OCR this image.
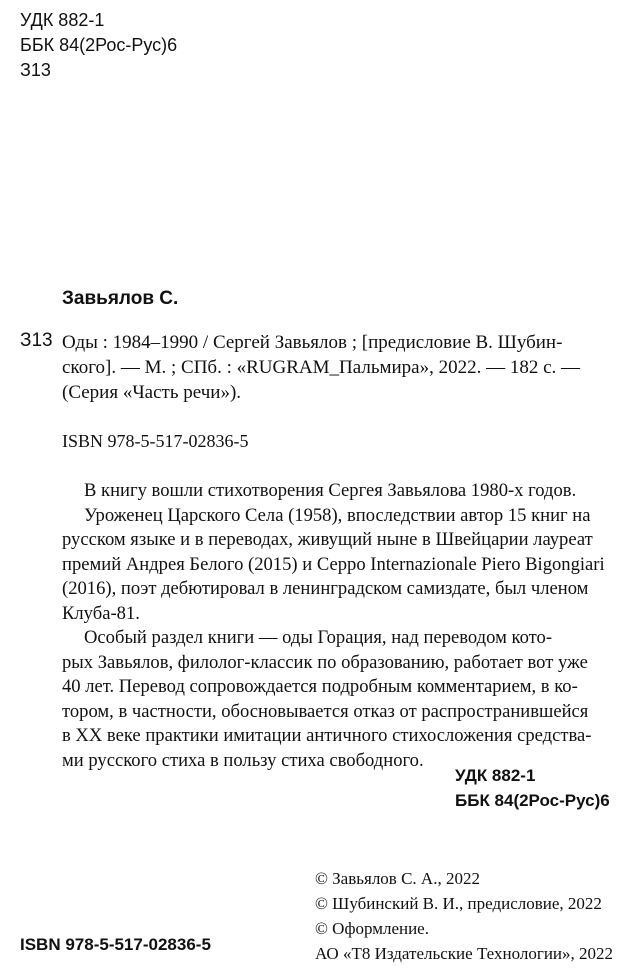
УДК 882-1
ББК 84(2Рос-Рус)6
З13
Завьялов С.
З13 Оды : 1984–1990 / Сергей Завьялов ; [предисловие В. Шубин-
ского]. — М. ; СПб. : «RUGRAM_Пальмира», 2022. — 182 с. —
(Серия «Часть речи»).
ISBN 978-5-517-02836-5

В книгу вошли стихотворения Сергея Завьялова 1980-х годов.

Уроженец Царского Села (1958), впоследствии автор 15 книг на
русском языке и в переводах, живущий ныне в Швейцарии лауреат
премий Андрея Белого (2015) и Серро Internazionale Piero Bigongiari
(2016), поэт дебютировал в ленинградском самиздате, был членом
Клуба-81.

Особый раздел книги — оды Горация, над переводом кото-
рых Завьялов, филолог-классик по образованию, работает вот уже
40 лет. Перевод сопровождается подробным комментарием, в ко-
тором, в частности, обосновывается отказ от распространившейся
в XX веке практики имитации античного стихосложения средства-
ми русского стиха в пользу стиха свободного.

УДК 882-1
ББК 84(2Рос-Рус)6
© Завьялов С. А., 2022
© Шубинский В. И., предисловие, 2022
© Оформление.
АО «Т8 Издательские Технологии», 2022
ISBN 978-5-517-02836-5
